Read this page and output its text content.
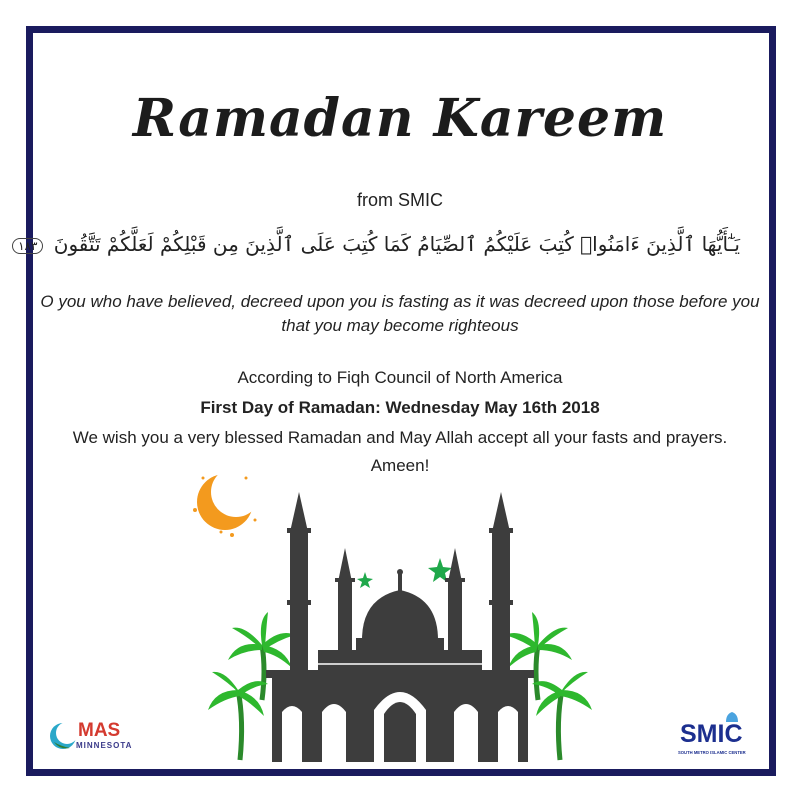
Ramadan Kareem
from SMIC
يَـٰٓأَيُّهَا ٱلَّذِينَ ءَامَنُوا۟ كُتِبَ عَلَيْكُمُ ٱلصِّيَامُ كَمَا كُتِبَ عَلَى ٱلَّذِينَ مِن قَبْلِكُمْ لَعَلَّكُمْ تَتَّقُونَ ١٨٣
O you who have believed, decreed upon you is fasting as it was decreed upon those before you that you may become righteous
According to Fiqh Council of North America
First Day of Ramadan: Wednesday May 16th 2018
We wish you a very blessed Ramadan and May Allah accept all your fasts and prayers.
Ameen!
MAS
MINNESOTA	SMIC
SOUTH METRO ISLAMIC CENTER
